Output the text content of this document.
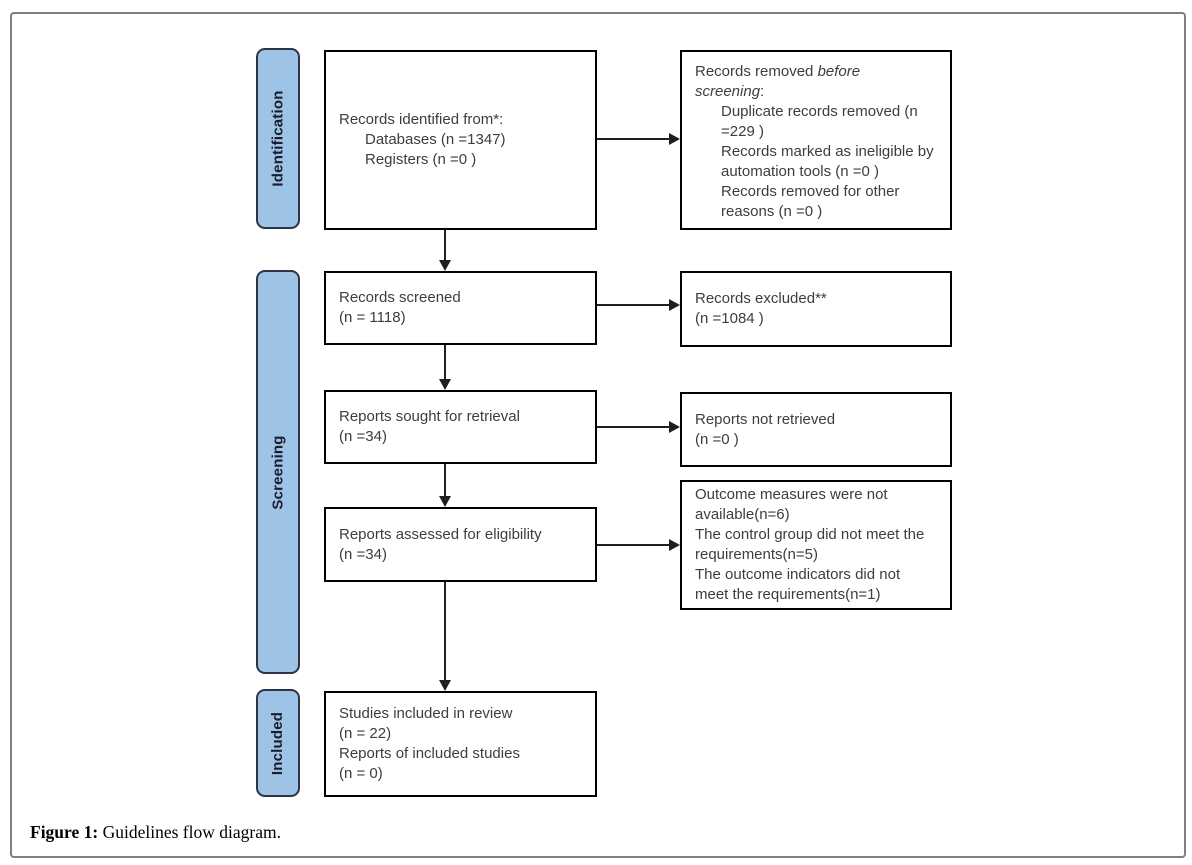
Identification
Screening
Included
Records identified from*:
Databases (n =1347)
Registers (n =0 )
Records screened
(n = 1118)
Reports sought for retrieval
(n =34)
Reports assessed for eligibility
(n =34)
Studies included in review
(n = 22)
Reports of included studies
(n = 0)
Records removed before
screening:
Duplicate records removed (n =229 )
Records marked as ineligible by automation tools (n =0 )
Records removed for other reasons (n =0 )
Records excluded**
(n =1084 )
Reports not retrieved
(n =0 )
Outcome measures were not available(n=6)
The control group did not meet the requirements(n=5)
The outcome indicators did not meet the requirements(n=1)
Figure 1: Guidelines flow diagram.
